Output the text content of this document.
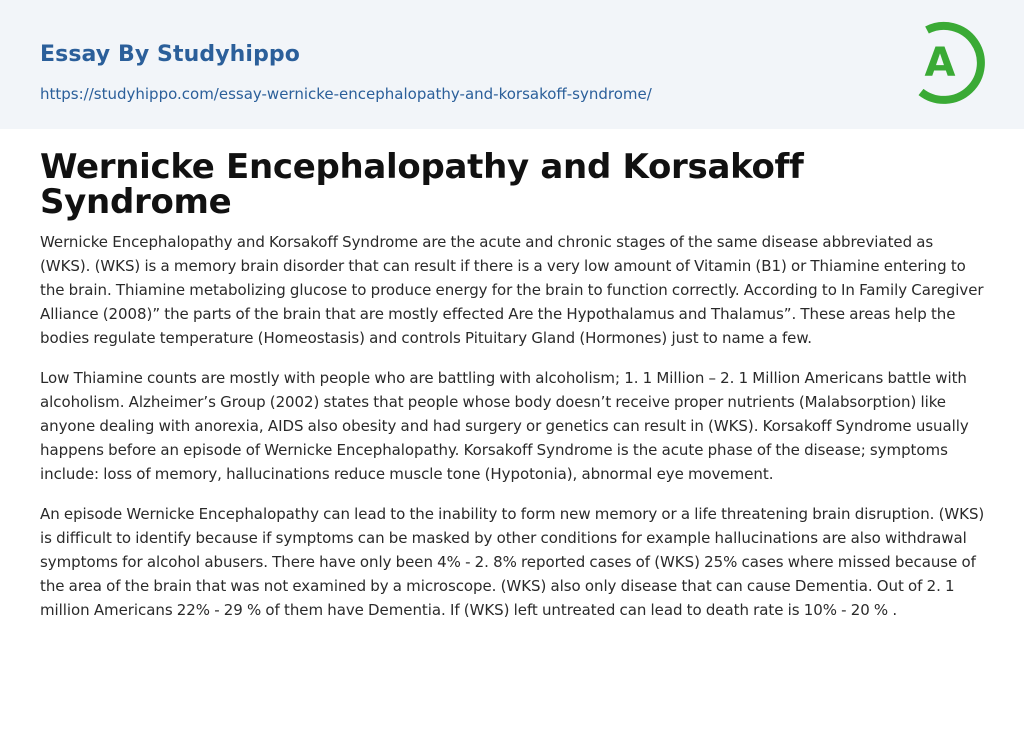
Essay By Studyhippo
https://studyhippo.com/essay-wernicke-encephalopathy-and-korsakoff-syndrome/
A
Wernicke Encephalopathy and Korsakoff Syndrome

Wernicke Encephalopathy and Korsakoff Syndrome are the acute and chronic stages of the same disease abbreviated as (WKS). (WKS) is a memory brain disorder that can result if there is a very low amount of Vitamin (B1) or Thiamine entering to the brain. Thiamine metabolizing glucose to produce energy for the brain to function correctly. According to In Family Caregiver Alliance (2008)” the parts of the brain that are mostly effected Are the Hypothalamus and Thalamus”. These areas help the bodies regulate temperature (Homeostasis) and controls Pituitary Gland (Hormones) just to name a few.

Low Thiamine counts are mostly with people who are battling with alcoholism; 1. 1 Million – 2. 1 Million Americans battle with alcoholism. Alzheimer’s Group (2002) states that people whose body doesn’t receive proper nutrients (Malabsorption) like anyone dealing with anorexia, AIDS also obesity and had surgery or genetics can result in (WKS). Korsakoff Syndrome usually happens before an episode of Wernicke Encephalopathy. Korsakoff Syndrome is the acute phase of the disease; symptoms include: loss of memory, hallucinations reduce muscle tone (Hypotonia), abnormal eye movement.

An episode Wernicke Encephalopathy can lead to the inability to form new memory or a life threatening brain disruption. (WKS) is difficult to identify because if symptoms can be masked by other conditions for example hallucinations are also withdrawal symptoms for alcohol abusers. There have only been 4% - 2. 8% reported cases of (WKS) 25% cases where missed because of the area of the brain that was not examined by a microscope. (WKS) also only disease that can cause Dementia. Out of 2. 1 million Americans 22% - 29 % of them have Dementia. If (WKS) left untreated can lead to death rate is 10% - 20 % .
